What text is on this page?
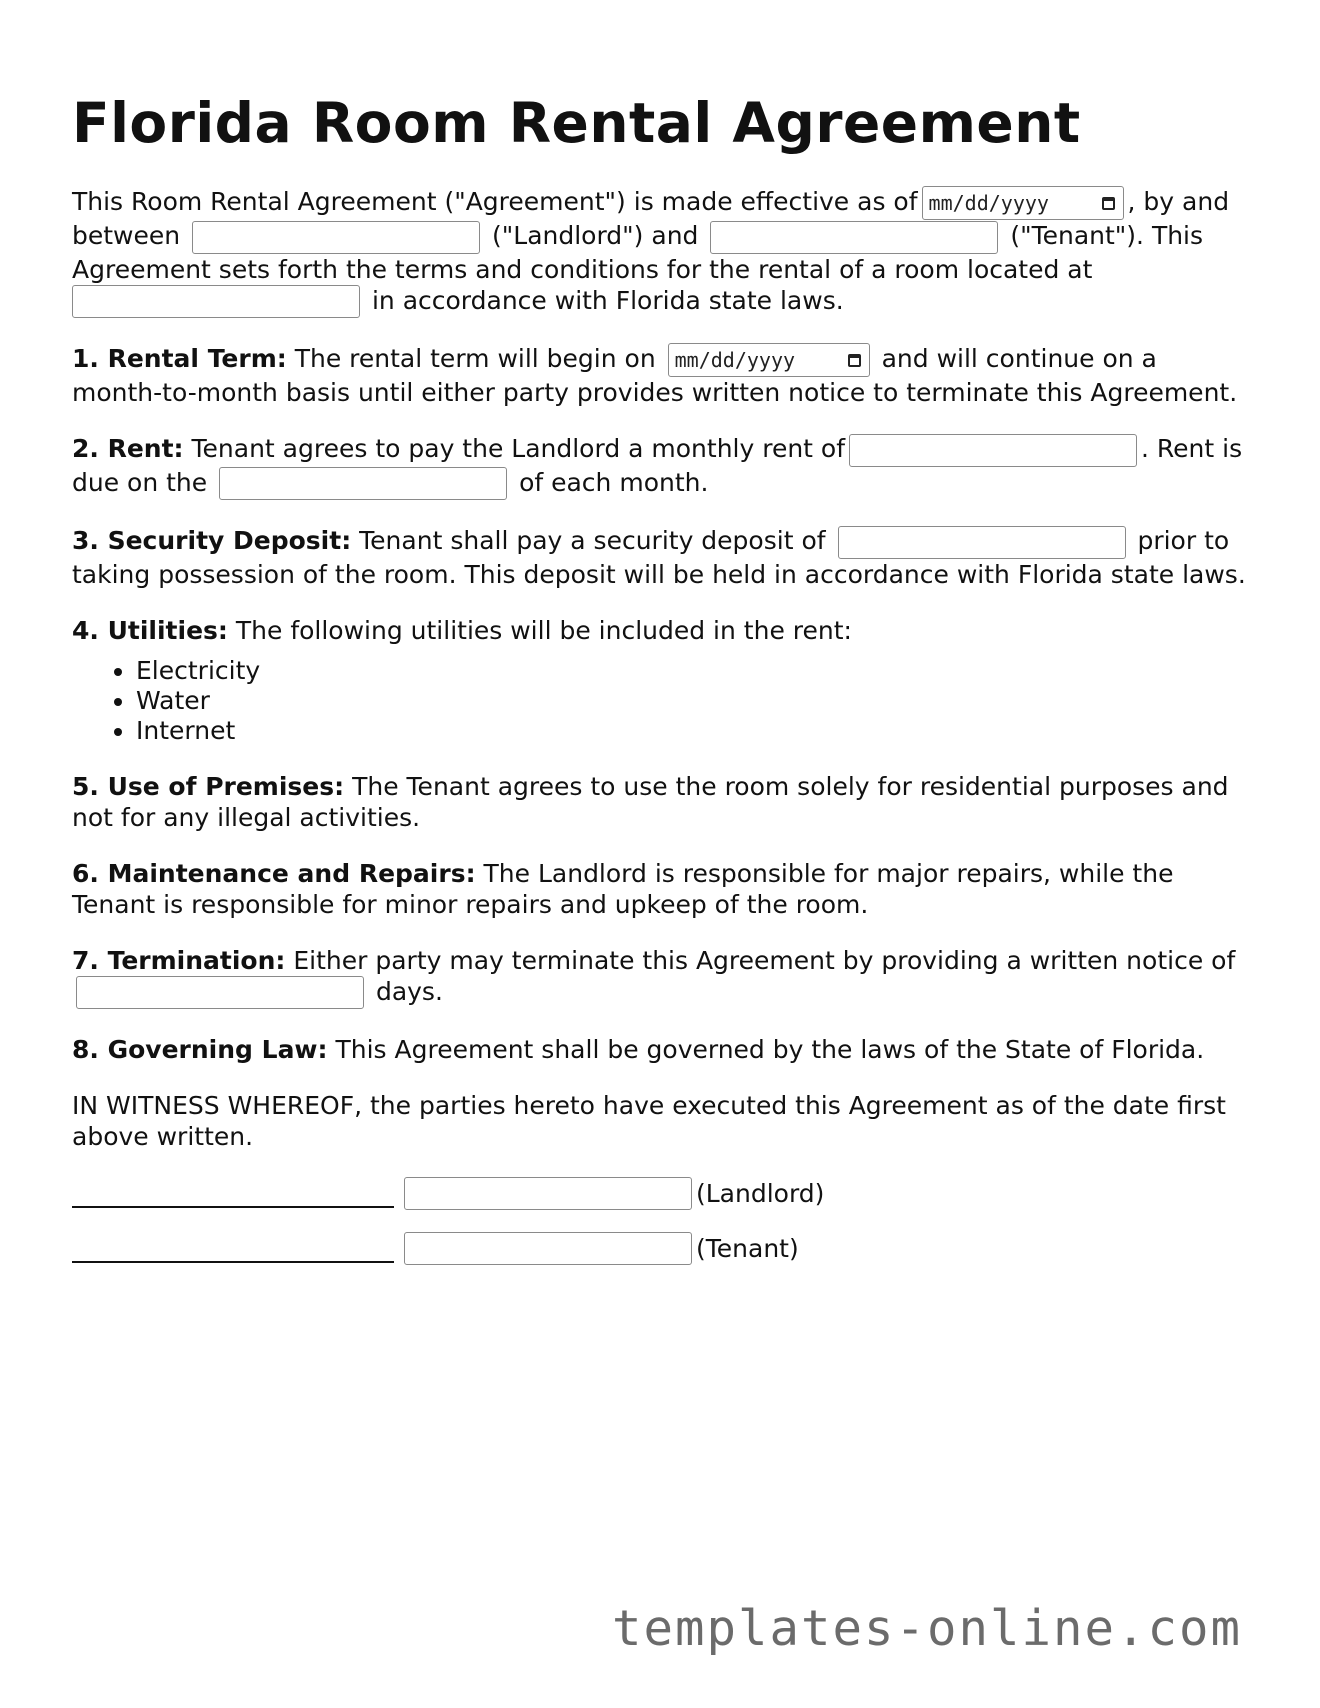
Florida Room Rental Agreement

This Room Rental Agreement ("Agreement") is made effective as of mm/dd/yyyy	, by and between	("Landlord") and	("Tenant"). This Agreement sets forth the terms and conditions for the rental of a room located at  in accordance with Florida state laws.

1. Rental Term: The rental term will begin on mm/dd/yyyy	and will continue on a month-to-month basis until either party provides written notice to terminate this Agreement.

2. Rent: Tenant agrees to pay the Landlord a monthly rent of	. Rent is due on the	of each month.

3. Security Deposit: Tenant shall pay a security deposit of	prior to taking possession of the room. This deposit will be held in accordance with Florida state laws.

4. Utilities: The following utilities will be included in the rent:

• Electricity
• Water
• Internet

5. Use of Premises: The Tenant agrees to use the room solely for residential purposes and not for any illegal activities.

6. Maintenance and Repairs: The Landlord is responsible for major repairs, while the Tenant is responsible for minor repairs and upkeep of the room.

7. Termination: Either party may terminate this Agreement by providing a written notice of  days.

8. Governing Law: This Agreement shall be governed by the laws of the State of Florida.

IN WITNESS WHEREOF, the parties hereto have executed this Agreement as of the date first above written.

(Landlord)
(Tenant)
templates-online.com
